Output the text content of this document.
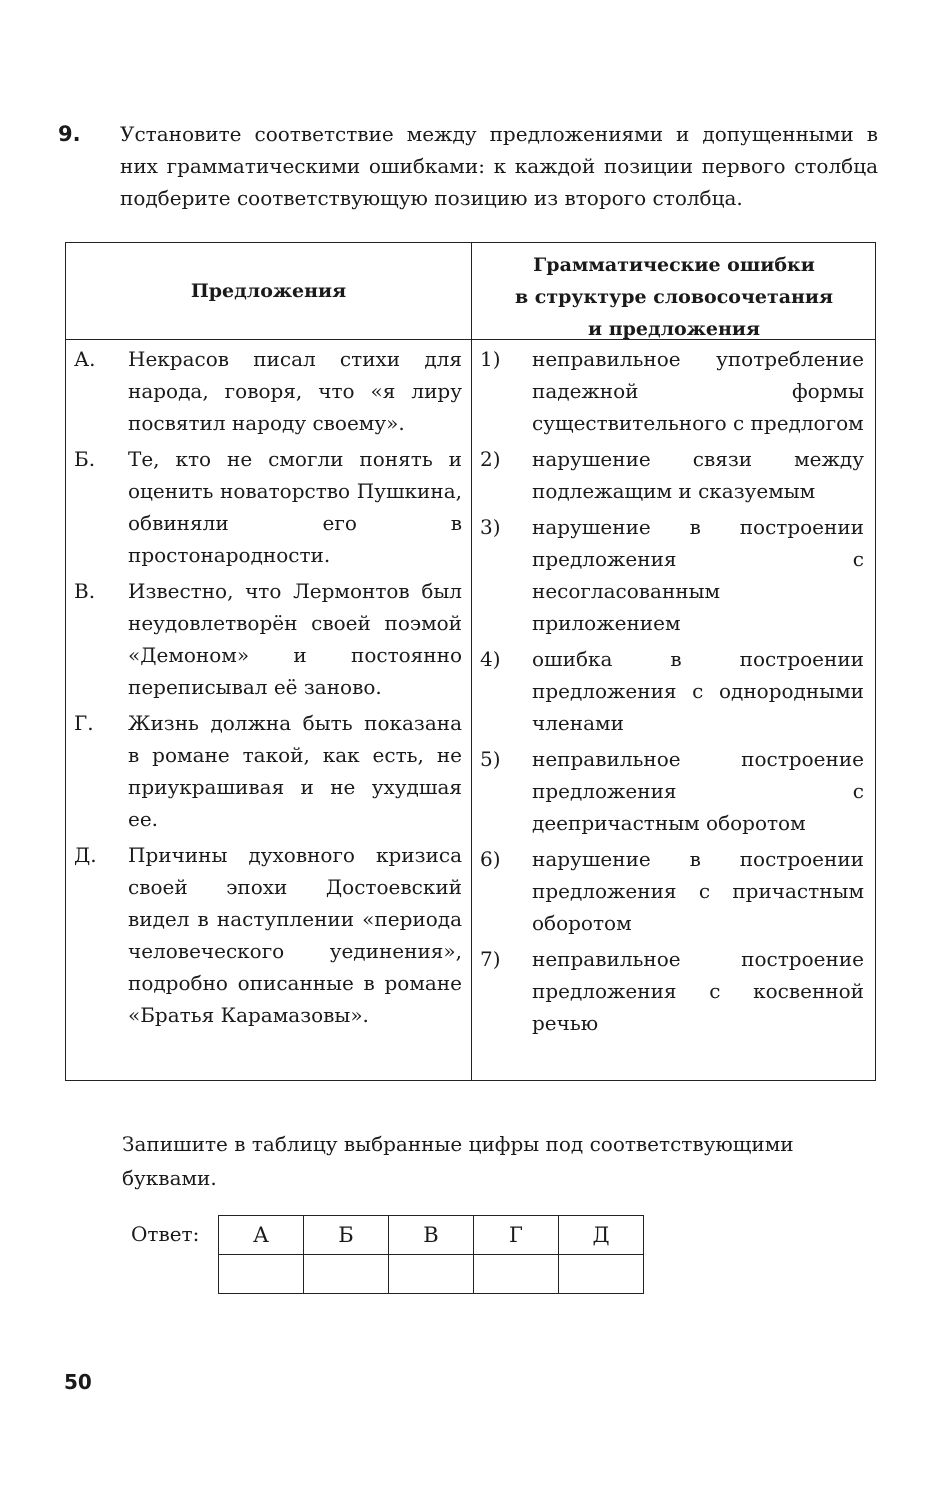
9. Установите соответствие между предложениями и допущенными в них грамматическими ошибками: к каждой позиции первого столбца подберите соответствующую позицию из второго столбца.
Предложения
Грамматические ошибки
в структуре словосочетания
и предложения
А. Некрасов писал стихи для народа, говоря, что «я лиру посвятил народу своему».
Б. Те, кто не смогли понять и оценить новаторство Пушкина, обвиняли его в простонародности.
В. Известно, что Лермонтов был неудовлетворён своей поэмой «Демоном» и постоянно переписывал её заново.
Г. Жизнь должна быть показана в романе такой, как есть, не приукрашивая и не ухудшая ее.
Д. Причины духовного кризиса своей эпохи Достоевский видел в наступлении «периода человеческого уединения», подробно описанные в романе «Братья Карамазовы».
1) неправильное употребление падежной формы существительного с предлогом
2) нарушение связи между подлежащим и сказуемым
3) нарушение в построении предложения с несогласованным приложением
4) ошибка в построении предложения с однородными членами
5) неправильное построение предложения с деепричастным оборотом
6) нарушение в построении предложения с причастным оборотом
7) неправильное построение предложения с косвенной речью
Запишите в таблицу выбранные цифры под соответствующими буквами.
Ответ:	А	Б	В	Г	Д

50
